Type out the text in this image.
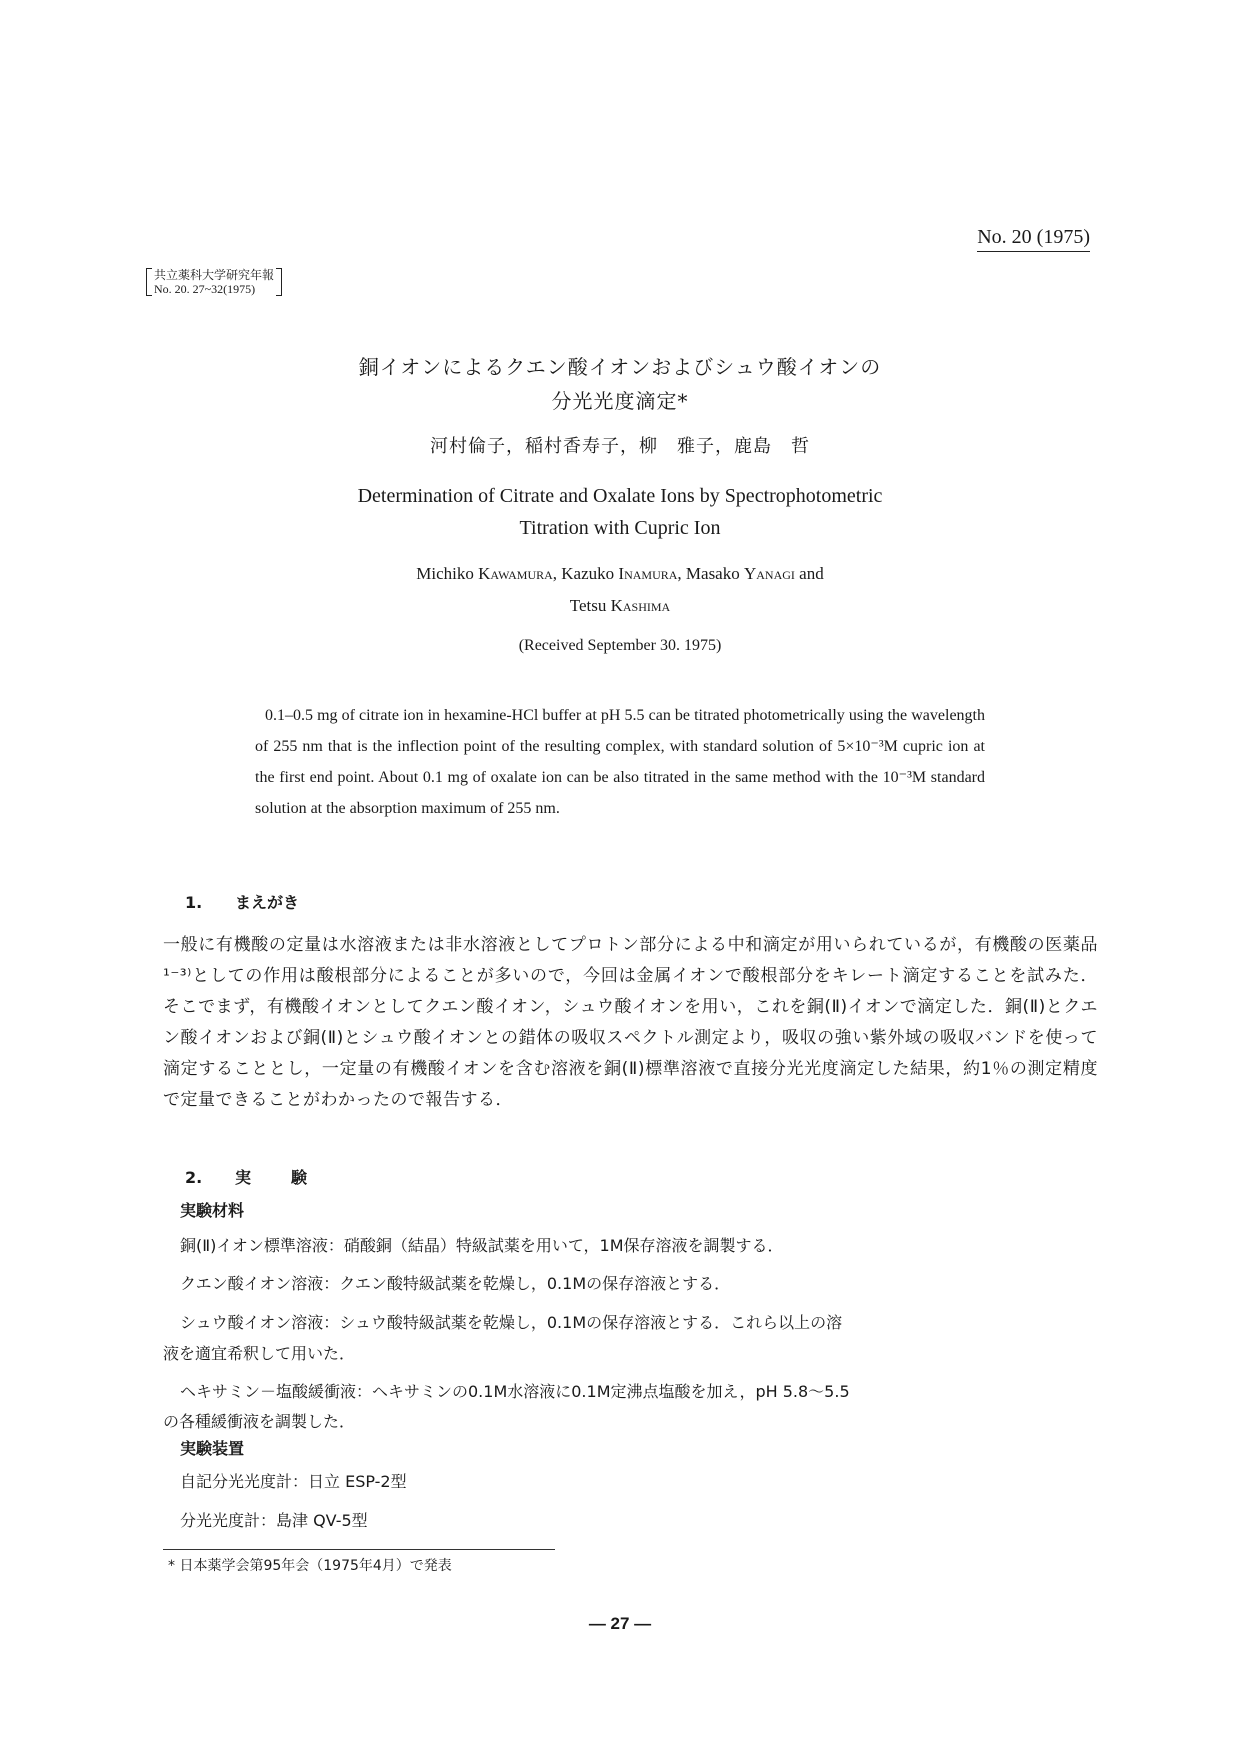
No. 20 (1975)
共立薬科大学研究年報
No. 20. 27~32(1975)
銅イオンによるクエン酸イオンおよびシュウ酸イオンの
分光光度滴定*
河村倫子，稲村香寿子，柳　雅子，鹿島　哲
Determination of Citrate and Oxalate Ions by Spectrophotometric
Titration with Cupric Ion
Michiko Kawamura, Kazuko Inamura, Masako Yanagi and
Tetsu Kashima
(Received September 30. 1975)
0.1–0.5 mg of citrate ion in hexamine-HCl buffer at pH 5.5 can be titrated photometrically using the wavelength of 255 nm that is the inflection point of the resulting complex, with standard solution of 5×10⁻³M cupric ion at the first end point. About 0.1 mg of oxalate ion can be also titrated in the same method with the 10⁻³M standard solution at the absorption maximum of 255 nm.
1. まえがき
一般に有機酸の定量は水溶液または非水溶液としてプロトン部分による中和滴定が用いられているが，有機酸の医薬品¹⁻³⁾としての作用は酸根部分によることが多いので，今回は金属イオンで酸根部分をキレート滴定することを試みた．そこでまず，有機酸イオンとしてクエン酸イオン，シュウ酸イオンを用い，これを銅(Ⅱ)イオンで滴定した．銅(Ⅱ)とクエン酸イオンおよび銅(Ⅱ)とシュウ酸イオンとの錯体の吸収スペクトル測定より，吸収の強い紫外域の吸収バンドを使って滴定することとし，一定量の有機酸イオンを含む溶液を銅(Ⅱ)標準溶液で直接分光光度滴定した結果，約1％の測定精度で定量できることがわかったので報告する．
2. 実	験
実験材料
銅(Ⅱ)イオン標準溶液：硝酸銅（結晶）特級試薬を用いて，1M保存溶液を調製する．
クエン酸イオン溶液：クエン酸特級試薬を乾燥し，0.1Mの保存溶液とする．
シュウ酸イオン溶液：シュウ酸特級試薬を乾燥し，0.1Mの保存溶液とする．これら以上の溶
液を適宜希釈して用いた．
ヘキサミン－塩酸緩衝液：ヘキサミンの0.1M水溶液に0.1M定沸点塩酸を加え，pH 5.8～5.5
の各種緩衝液を調製した．
実験装置
自記分光光度計：日立 ESP-2型
分光光度計：島津 QV-5型
* 日本薬学会第95年会（1975年4月）で発表
— 27 —
